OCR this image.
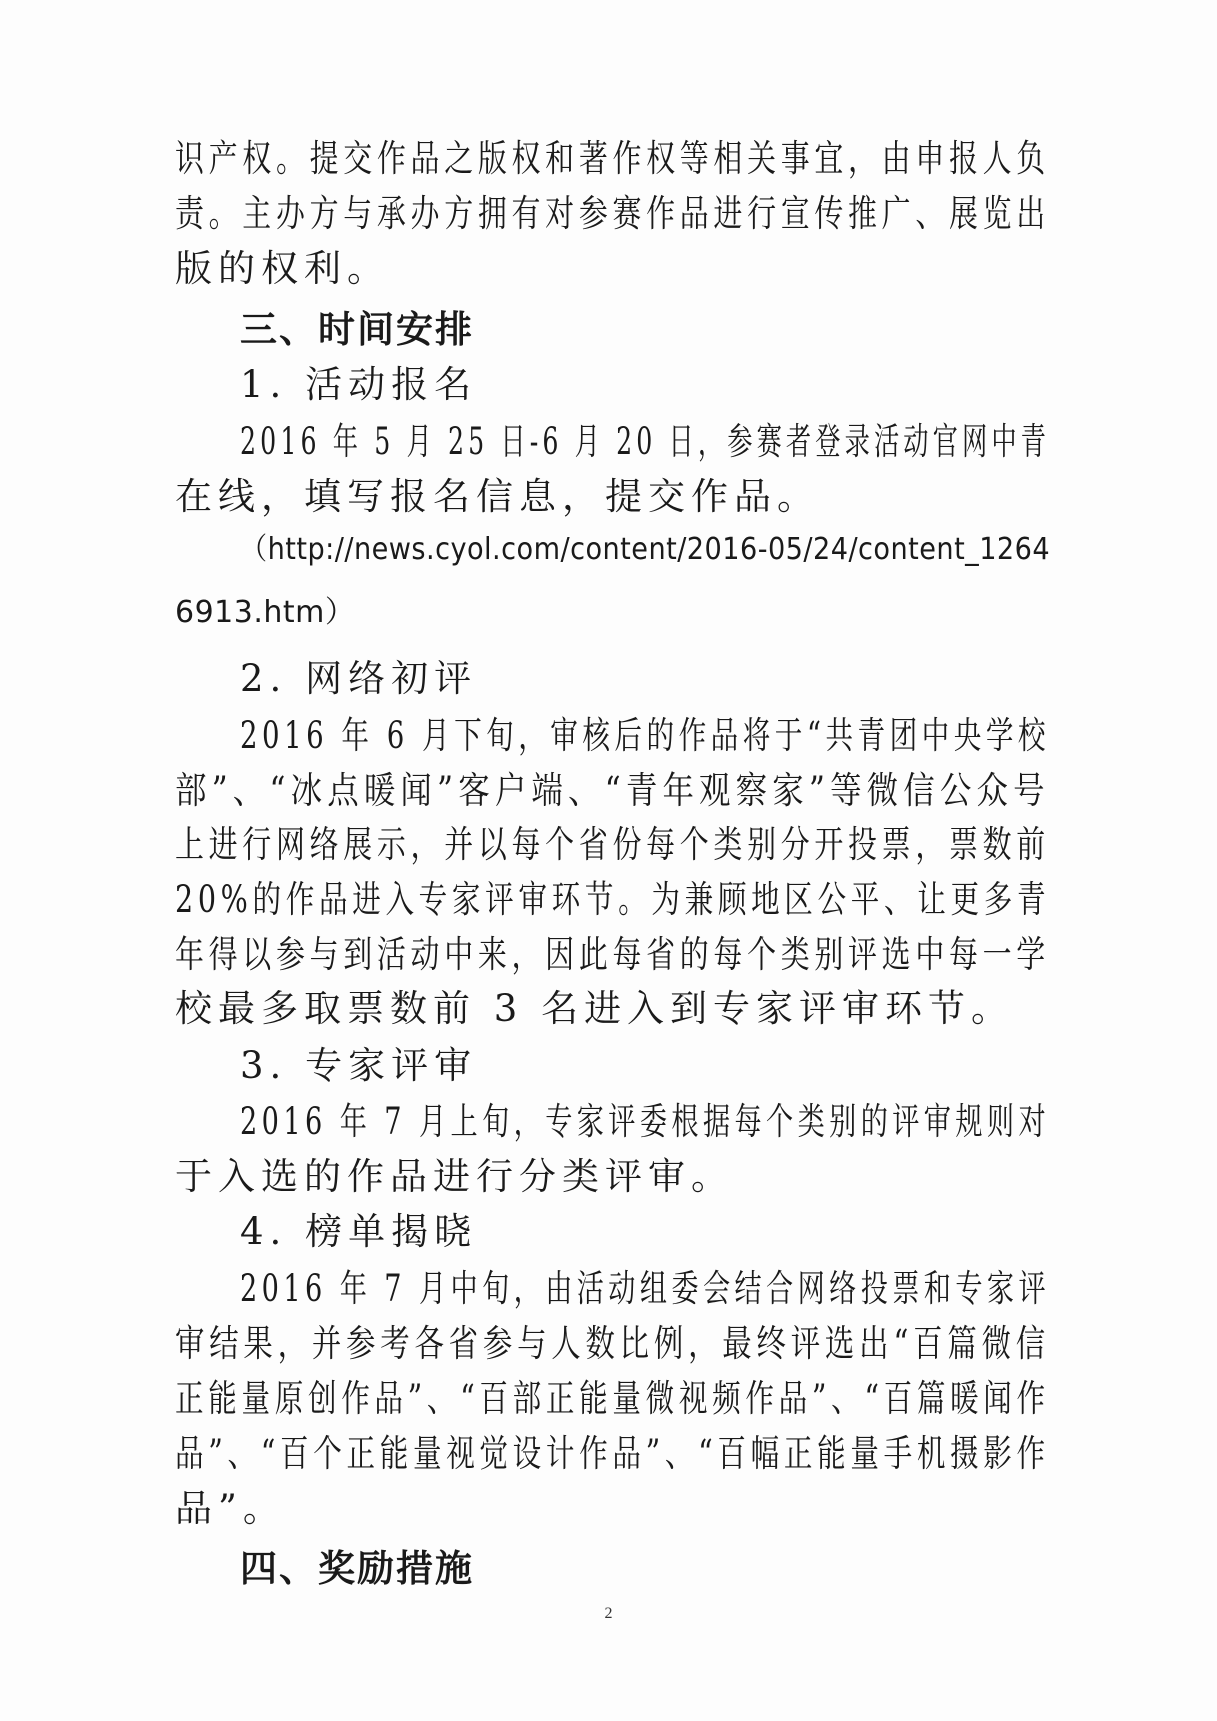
识产权。提交作品之版权和著作权等相关事宜，由申报人负
责。主办方与承办方拥有对参赛作品进行宣传推广、展览出
版的权利。
三、时间安排
1. 活动报名
2016 年 5 月 25 日-6 月 20 日，参赛者登录活动官网中青
在线，填写报名信息，提交作品。
（http://news.cyol.com/content/2016-05/24/content_1264
6913.htm）
2. 网络初评
2016 年 6 月下旬，审核后的作品将于“共青团中央学校
部”、“冰点暖闻”客户端、“青年观察家”等微信公众号
上进行网络展示，并以每个省份每个类别分开投票，票数前
20%的作品进入专家评审环节。为兼顾地区公平、让更多青
年得以参与到活动中来，因此每省的每个类别评选中每一学
校最多取票数前 3 名进入到专家评审环节。
3. 专家评审
2016 年 7 月上旬，专家评委根据每个类别的评审规则对
于入选的作品进行分类评审。
4. 榜单揭晓
2016 年 7 月中旬，由活动组委会结合网络投票和专家评
审结果，并参考各省参与人数比例，最终评选出“百篇微信
正能量原创作品”、“百部正能量微视频作品”、“百篇暖闻作
品”、“百个正能量视觉设计作品”、“百幅正能量手机摄影作
品”。
四、奖励措施
2
